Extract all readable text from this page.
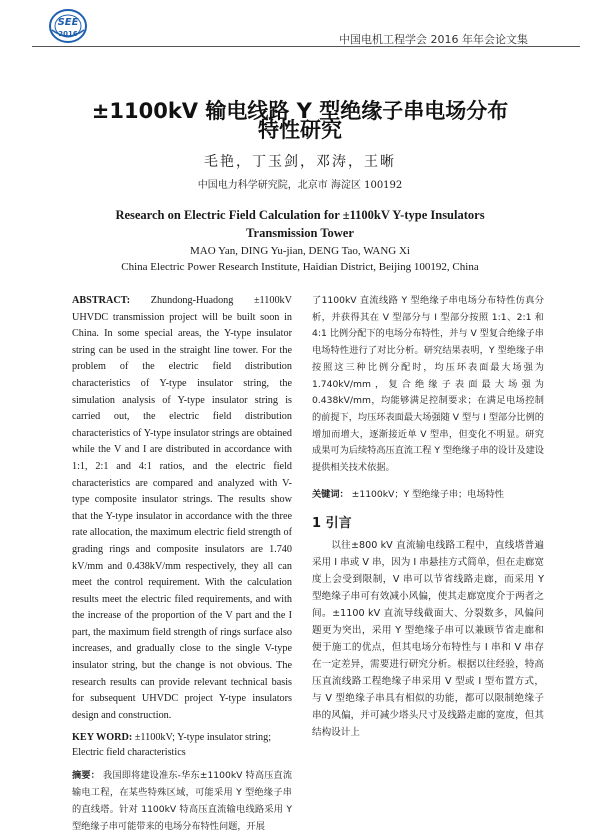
SEE
2016	中国电机工程学会 2016 年年会论文集
±1100kV 输电线路 Y 型绝缘子串电场分布
特性研究
毛艳，丁玉剑，邓涛，王晰
中国电力科学研究院，北京市 海淀区 100192
Research on Electric Field Calculation for ±1100kV Y-type Insulators
Transmission Tower
MAO Yan, DING Yu-jian, DENG Tao, WANG Xi
China Electric Power Research Institute, Haidian District, Beijing 100192, China

ABSTRACT: Zhundong-Huadong ±1100kV UHVDC transmission project will be built soon in China. In some special areas, the Y-type insulator string can be used in the straight line tower. For the problem of the electric field distribution characteristics of Y-type insulator string, the simulation analysis of Y-type insulator string is carried out, the electric field distribution characteristics of Y-type insulator strings are obtained while the V and I are distributed in accordance with 1:1, 2:1 and 4:1 ratios, and the electric field characteristics are compared and analyzed with V-type composite insulator strings. The results show that the Y-type insulator in accordance with the three rate allocation, the maximum electric field strength of grading rings and composite insulators are 1.740 kV/mm and 0.438kV/mm respectively, they all can meet the control requirement. With the calculation results meet the electric filed requirements, and with the increase of the proportion of the V part and the I part, the maximum field strength of rings surface also increases, and gradually close to the single V-type insulator string, but the change is not obvious. The research results can provide relevant technical basis for subsequent UHVDC project Y-type insulators design and construction.

KEY WORD: ±1100kV; Y-type insulator string; Electric field characteristics

摘要： 我国即将建设准东-华东±1100kV 特高压直流输电工程，在某些特殊区域，可能采用 Y 型绝缘子串的直线塔。针对 1100kV 特高压直流输电线路采用 Y 型绝缘子串可能带来的电场分布特性问题，开展

了1100kV 直流线路 Y 型绝缘子串电场分布特性仿真分析，并获得其在 V 型部分与 I 型部分按照 1:1、2:1 和 4:1 比例分配下的电场分布特性，并与 V 型复合绝缘子串电场特性进行了对比分析。研究结果表明，Y 型绝缘子串按照这三种比例分配时，均压环表面最大场强为 1.740kV/mm，复合绝缘子表面最大场强为 0.438kV/mm，均能够满足控制要求；在满足电场控制的前提下，均压环表面最大场强随 V 型与 I 型部分比例的增加而增大，逐渐接近单 V 型串，但变化不明显。研究成果可为后续特高压直流工程 Y 型绝缘子串的设计及建设提供相关技术依据。

关键词： ±1100kV；Y 型绝缘子串；电场特性

1 引言

以往±800 kV 直流输电线路工程中，直线塔普遍采用 I 串或 V 串，因为 I 串悬挂方式简单，但在走廊宽度上会受到限制，V 串可以节省线路走廊，而采用 Y 型绝缘子串可有效减小风偏，使其走廊宽度介于两者之间。±1100 kV 直流导线截面大、分裂数多，风偏问题更为突出，采用 Y 型绝缘子串可以兼顾节省走廊和便于施工的优点，但其电场分布特性与 I 串和 V 串存在一定差异，需要进行研究分析。根据以往经验，特高压直流线路工程绝缘子串采用 V 型或 I 型布置方式，与 V 型绝缘子串具有相似的功能，都可以限制绝缘子串的风偏，并可减少塔头尺寸及线路走廊的宽度，但其结构设计上
